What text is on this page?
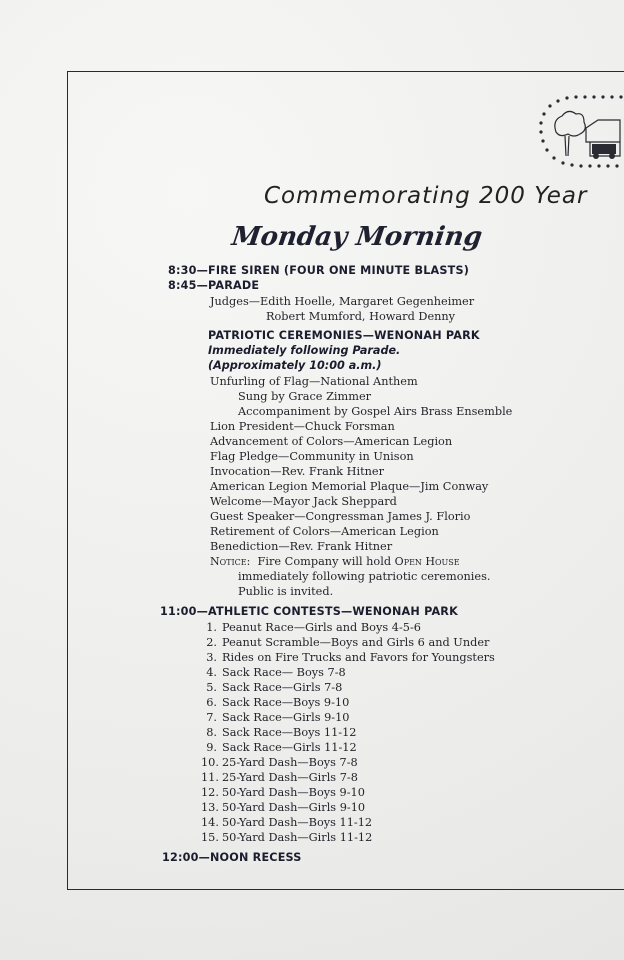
Commemorating 200 Year
Monday Morning
8:30—FIRE SIREN (FOUR ONE MINUTE BLASTS)
8:45—PARADE
Judges—Edith Hoelle, Margaret Gegenheimer
Robert Mumford, Howard Denny
PATRIOTIC CEREMONIES—WENONAH PARK
Immediately following Parade.
(Approximately 10:00 a.m.)
Unfurling of Flag—National Anthem
Sung by Grace Zimmer
Accompaniment by Gospel Airs Brass Ensemble
Lion President—Chuck Forsman
Advancement of Colors—American Legion
Flag Pledge—Community in Unison
Invocation—Rev. Frank Hitner
American Legion Memorial Plaque—Jim Conway
Welcome—Mayor Jack Sheppard
Guest Speaker—Congressman James J. Florio
Retirement of Colors—American Legion
Benediction—Rev. Frank Hitner
Notice: Fire Company will hold Open House
immediately following patriotic ceremonies.
Public is invited.
11:00—ATHLETIC CONTESTS—WENONAH PARK
1. Peanut Race—Girls and Boys 4-5-6
2. Peanut Scramble—Boys and Girls 6 and Under
3. Rides on Fire Trucks and Favors for Youngsters
4. Sack Race— Boys 7-8
5. Sack Race—Girls 7-8
6. Sack Race—Boys 9-10
7. Sack Race—Girls 9-10
8. Sack Race—Boys 11-12
9. Sack Race—Girls 11-12
10. 25-Yard Dash—Boys 7-8
11. 25-Yard Dash—Girls 7-8
12. 50-Yard Dash—Boys 9-10
13. 50-Yard Dash—Girls 9-10
14. 50-Yard Dash—Boys 11-12
15. 50-Yard Dash—Girls 11-12
12:00—NOON RECESS
